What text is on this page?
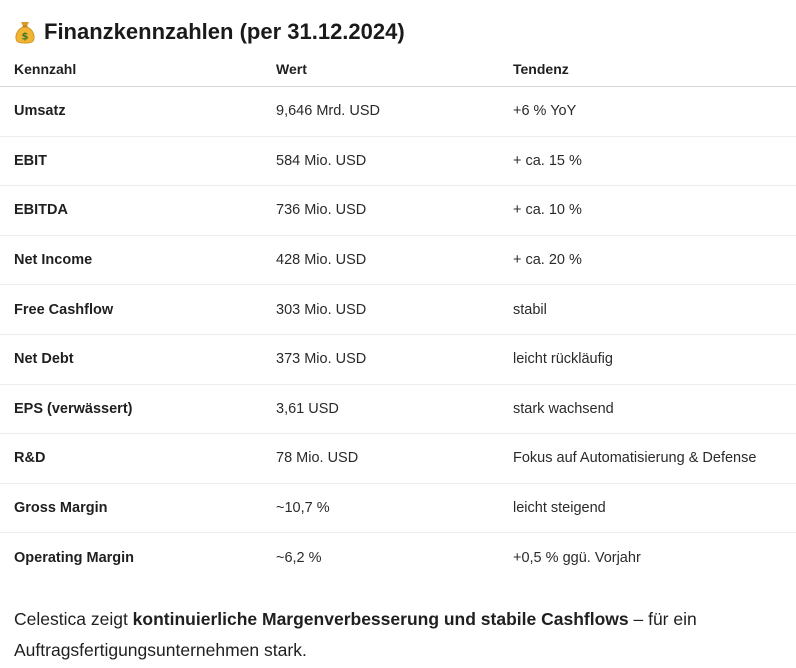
$ Finanzkennzahlen (per 31.12.2024)
Kennzahl	Wert	Tendenz
Umsatz	9,646 Mrd. USD	+6 % YoY
EBIT	584 Mio. USD	+ ca. 15 %
EBITDA	736 Mio. USD	+ ca. 10 %
Net Income	428 Mio. USD	+ ca. 20 %
Free Cashflow	303 Mio. USD	stabil
Net Debt	373 Mio. USD	leicht rückläufig
EPS (verwässert)	3,61 USD	stark wachsend
R&D	78 Mio. USD	Fokus auf Automatisierung & Defense
Gross Margin	~10,7 %	leicht steigend
Operating Margin	~6,2 %	+0,5 % ggü. Vorjahr

Celestica zeigt kontinuierliche Margenverbesserung und stabile Cashflows – für ein Auftragsfertigungsunternehmen stark.
